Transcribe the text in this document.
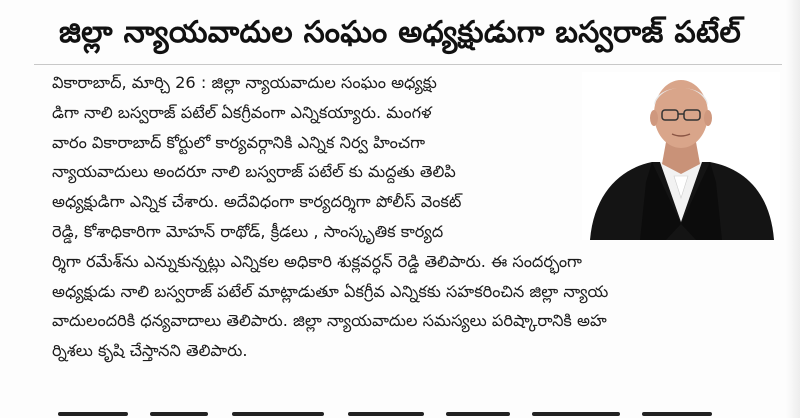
జిల్లా న్యాయవాదుల సంఘం అధ్యక్షుడుగా బస్వరాజ్ పటేల్
వికారాబాద్, మార్చి 26 : జిల్లా న్యాయవాదుల సంఘం అధ్యక్షు
డిగా నాలి బస్వరాజ్ పటేల్ ఏకగ్రీవంగా ఎన్నికయ్యారు. మంగళ
వారం వికారాబాద్ కోర్టులో కార్యవర్గానికి ఎన్నిక నిర్వ హించగా
న్యాయవాదులు అందరూ నాలి బస్వరాజ్ పటేల్ కు మద్దతు తెలిపి
అధ్యక్షుడిగా ఎన్నిక చేశారు. అదేవిధంగా కార్యదర్శిగా పోలీస్ వెంకట్
రెడ్డి, కోశాధికారిగా మోహన్ రాథోడ్, క్రీడలు , సాంస్కృతిక కార్యద
ర్శిగా రమేశ్‌ను ఎన్నుకున్నట్లు ఎన్నికల అధికారి శుక్లవర్ధన్ రెడ్డి తెలిపారు. ఈ సందర్భంగా
అధ్యక్షుడు నాలి బస్వరాజ్ పటేల్ మాట్లాడుతూ ఏకగ్రీవ ఎన్నికకు సహకరించిన జిల్లా న్యాయ
వాదులందరికి ధన్యవాదాలు తెలిపారు. జిల్లా న్యాయవాదుల సమస్యలు పరిష్కారానికి అహ
ర్నిశలు కృషి చేస్తానని తెలిపారు.
